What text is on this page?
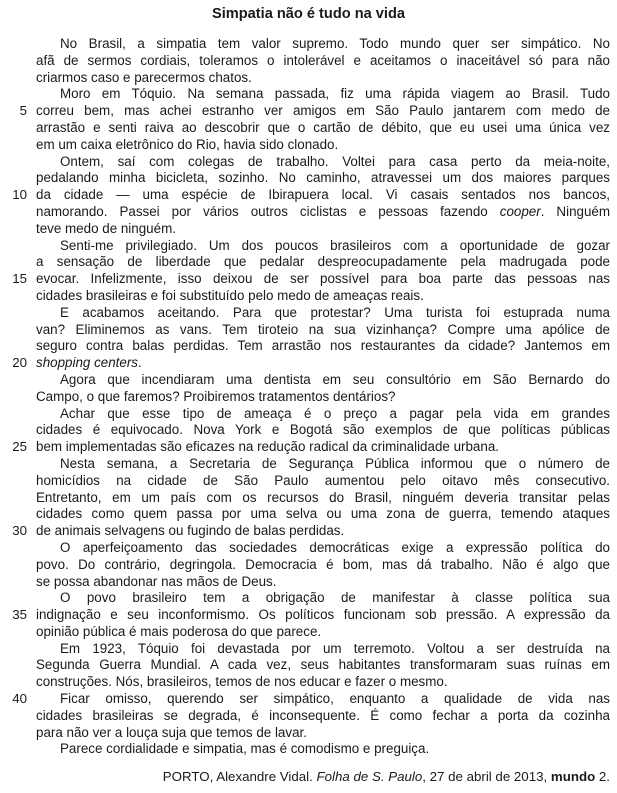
Simpatia não é tudo na vida
5
10
15
20
25
30
35
40
No Brasil, a simpatia tem valor supremo. Todo mundo quer ser simpático. No
afã de sermos cordiais, toleramos o intolerável e aceitamos o inaceitável só para não
criarmos caso e parecermos chatos.
Moro em Tóquio. Na semana passada, fiz uma rápida viagem ao Brasil. Tudo
correu bem, mas achei estranho ver amigos em São Paulo jantarem com medo de
arrastão e senti raiva ao descobrir que o cartão de débito, que eu usei uma única vez
em um caixa eletrônico do Rio, havia sido clonado.
Ontem, saí com colegas de trabalho. Voltei para casa perto da meia-noite,
pedalando minha bicicleta, sozinho. No caminho, atravessei um dos maiores parques
da cidade — uma espécie de Ibirapuera local. Vi casais sentados nos bancos,
namorando. Passei por vários outros ciclistas e pessoas fazendo cooper. Ninguém
teve medo de ninguém.
Senti-me privilegiado. Um dos poucos brasileiros com a oportunidade de gozar
a sensação de liberdade que pedalar despreocupadamente pela madrugada pode
evocar. Infelizmente, isso deixou de ser possível para boa parte das pessoas nas
cidades brasileiras e foi substituído pelo medo de ameaças reais.
E acabamos aceitando. Para que protestar? Uma turista foi estuprada numa
van? Eliminemos as vans. Tem tiroteio na sua vizinhança? Compre uma apólice de
seguro contra balas perdidas. Tem arrastão nos restaurantes da cidade? Jantemos em
shopping centers.
Agora que incendiaram uma dentista em seu consultório em São Bernardo do
Campo, o que faremos? Proibiremos tratamentos dentários?
Achar que esse tipo de ameaça é o preço a pagar pela vida em grandes
cidades é equivocado. Nova York e Bogotá são exemplos de que políticas públicas
bem implementadas são eficazes na redução radical da criminalidade urbana.
Nesta semana, a Secretaria de Segurança Pública informou que o número de
homicídios na cidade de São Paulo aumentou pelo oitavo mês consecutivo.
Entretanto, em um país com os recursos do Brasil, ninguém deveria transitar pelas
cidades como quem passa por uma selva ou uma zona de guerra, temendo ataques
de animais selvagens ou fugindo de balas perdidas.
O aperfeiçoamento das sociedades democráticas exige a expressão política do
povo. Do contrário, degringola. Democracia é bom, mas dá trabalho. Não é algo que
se possa abandonar nas mãos de Deus.
O povo brasileiro tem a obrigação de manifestar à classe política sua
indignação e seu inconformismo. Os políticos funcionam sob pressão. A expressão da
opinião pública é mais poderosa do que parece.
Em 1923, Tóquio foi devastada por um terremoto. Voltou a ser destruída na
Segunda Guerra Mundial. A cada vez, seus habitantes transformaram suas ruínas em
construções. Nós, brasileiros, temos de nos educar e fazer o mesmo.
Ficar omisso, querendo ser simpático, enquanto a qualidade de vida nas
cidades brasileiras se degrada, é inconsequente. É como fechar a porta da cozinha
para não ver a louça suja que temos de lavar.
Parece cordialidade e simpatia, mas é comodismo e preguiça.
PORTO, Alexandre Vidal. Folha de S. Paulo, 27 de abril de 2013, mundo 2.
